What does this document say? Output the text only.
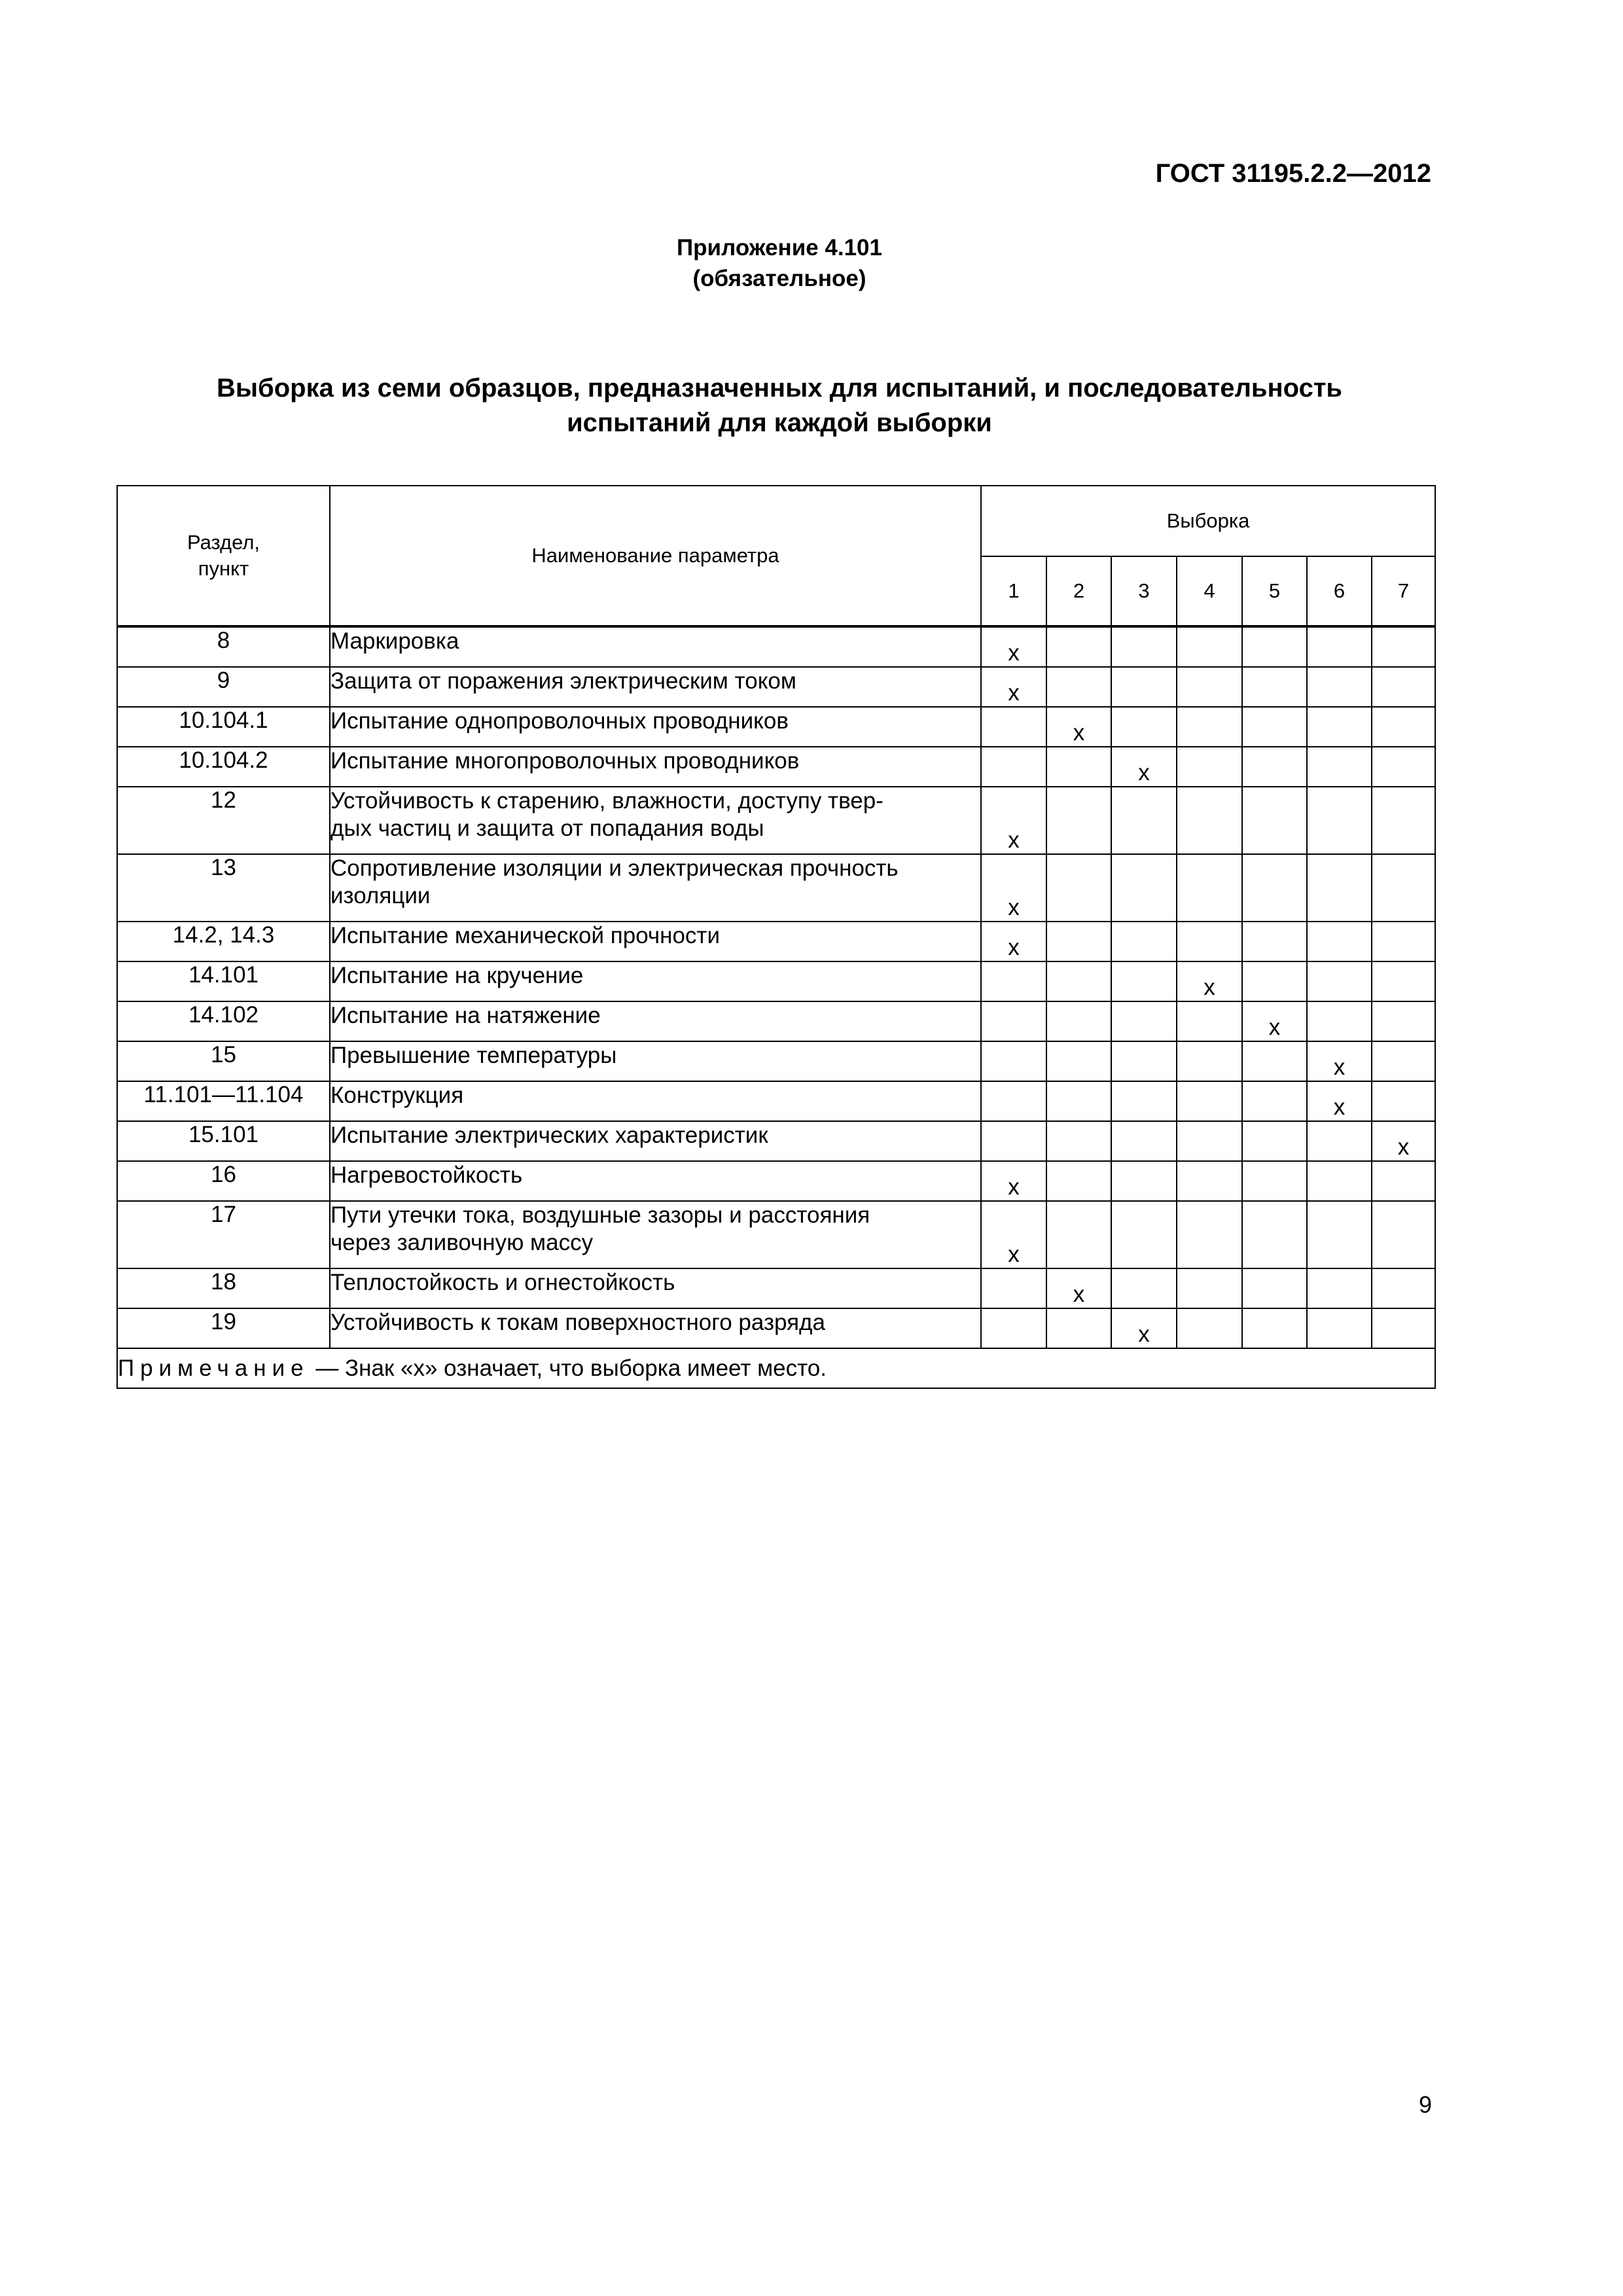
ГОСТ 31195.2.2—2012
Приложение 4.101
(обязательное)
Выборка из семи образцов, предназначенных для испытаний, и последовательность
испытаний для каждой выборки
Раздел,
пункт	Наименование параметра	Выборка						
		1	2	3	4	5	6	7
8	Маркировка	x						
9	Защита от поражения электрическим током	x						
10.104.1	Испытание однопроволочных проводников		x					
10.104.2	Испытание многопроволочных проводников			x				
12	Устойчивость к старению, влажности, доступу твер-
дых частиц и защита от попадания воды	x						
13	Сопротивление изоляции и электрическая прочность
изоляции	x						
14.2, 14.3	Испытание механической прочности	x						
14.101	Испытание на кручение				x			
14.102	Испытание на натяжение					x		
15	Превышение температуры						x	
11.101—11.104	Конструкция						x	
15.101	Испытание электрических характеристик							x
16	Нагревостойкость	x						
17	Пути утечки тока, воздушные зазоры и расстояния
через заливочную массу	x						
18	Теплостойкость и огнестойкость		x					
19	Устойчивость к токам поверхностного разряда			x				
Примечание — Знак «x» означает, что выборка имеет место.								
9
